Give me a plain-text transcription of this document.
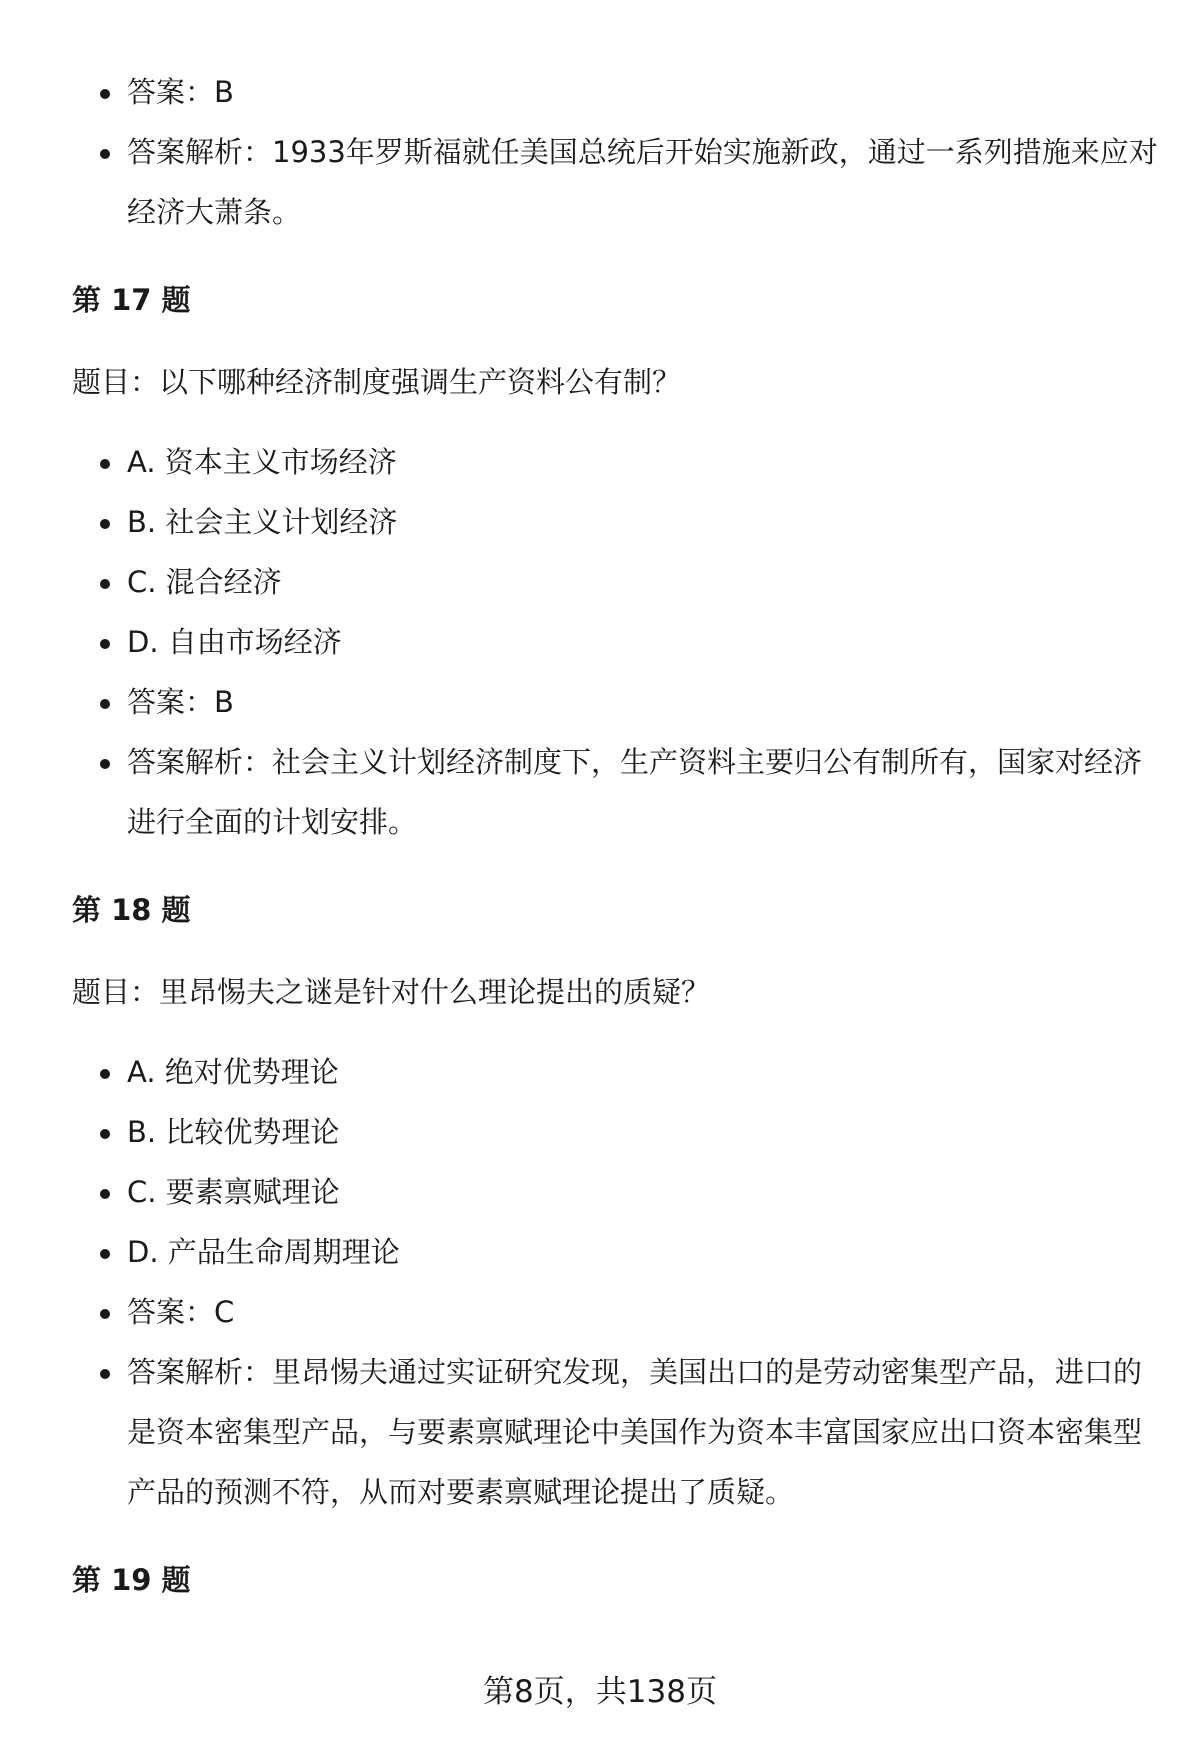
答案：B
答案解析：1933年罗斯福就任美国总统后开始实施新政，通过一系列措施来应对经济大萧条。
第 17 题

题目：以下哪种经济制度强调生产资料公有制？

A. 资本主义市场经济
B. 社会主义计划经济
C. 混合经济
D. 自由市场经济
答案：B
答案解析：社会主义计划经济制度下，生产资料主要归公有制所有，国家对经济进行全面的计划安排。
第 18 题

题目：里昂惕夫之谜是针对什么理论提出的质疑？

A. 绝对优势理论
B. 比较优势理论
C. 要素禀赋理论
D. 产品生命周期理论
答案：C
答案解析：里昂惕夫通过实证研究发现，美国出口的是劳动密集型产品，进口的是资本密集型产品，与要素禀赋理论中美国作为资本丰富国家应出口资本密集型产品的预测不符，从而对要素禀赋理论提出了质疑。
第 19 题
第8页，共138页
